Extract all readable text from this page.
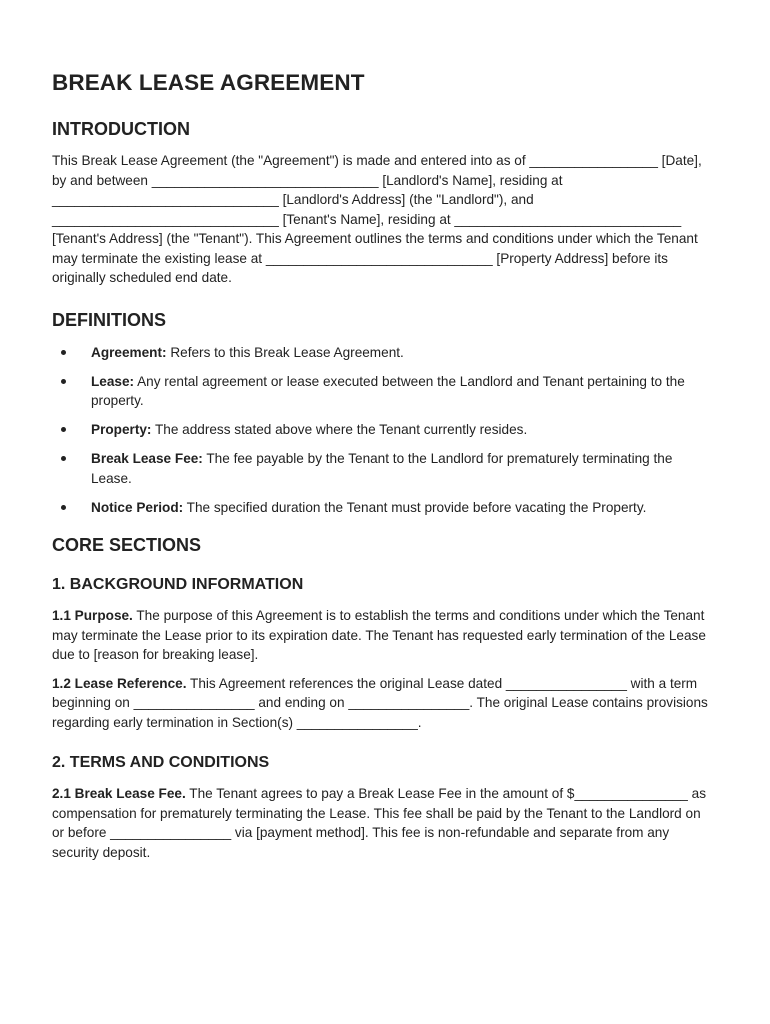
BREAK LEASE AGREEMENT
INTRODUCTION

This Break Lease Agreement (the "Agreement") is made and entered into as of _________________ [Date], by and between ______________________________ [Landlord's Name], residing at ______________________________ [Landlord's Address] (the "Landlord"), and ______________________________ [Tenant's Name], residing at ______________________________ [Tenant's Address] (the "Tenant"). This Agreement outlines the terms and conditions under which the Tenant may terminate the existing lease at ______________________________ [Property Address] before its originally scheduled end date.

DEFINITIONS
Agreement: Refers to this Break Lease Agreement.
Lease: Any rental agreement or lease executed between the Landlord and Tenant pertaining to the property.
Property: The address stated above where the Tenant currently resides.
Break Lease Fee: The fee payable by the Tenant to the Landlord for prematurely terminating the Lease.
Notice Period: The specified duration the Tenant must provide before vacating the Property.
CORE SECTIONS
1. BACKGROUND INFORMATION

1.1 Purpose. The purpose of this Agreement is to establish the terms and conditions under which the Tenant may terminate the Lease prior to its expiration date. The Tenant has requested early termination of the Lease due to [reason for breaking lease].

1.2 Lease Reference. This Agreement references the original Lease dated ________________ with a term beginning on ________________ and ending on ________________. The original Lease contains provisions regarding early termination in Section(s) ________________.

2. TERMS AND CONDITIONS

2.1 Break Lease Fee. The Tenant agrees to pay a Break Lease Fee in the amount of $_______________ as compensation for prematurely terminating the Lease. This fee shall be paid by the Tenant to the Landlord on or before ________________ via [payment method]. This fee is non-refundable and separate from any security deposit.
